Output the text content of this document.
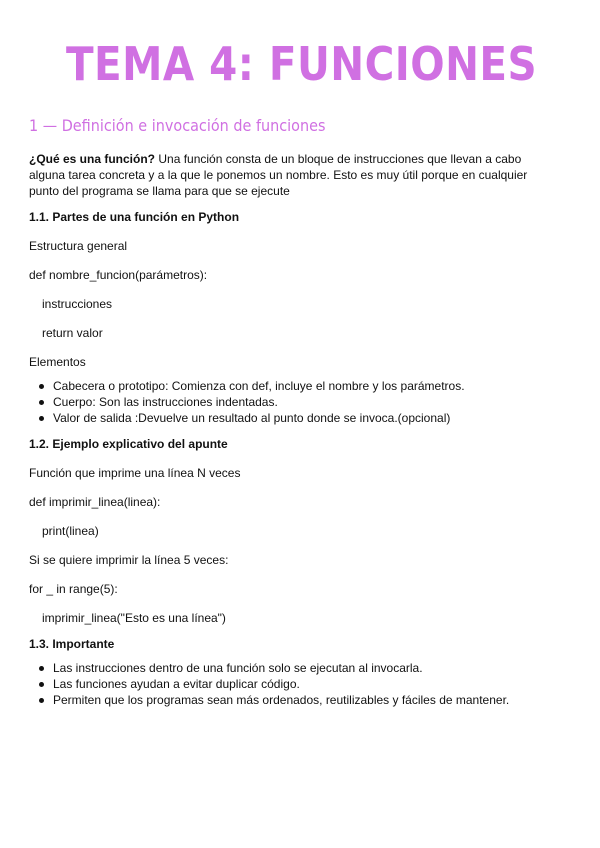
TEMA 4: FUNCIONES
1 — Definición e invocación de funciones

¿Qué es una función? Una función consta de un bloque de instrucciones que llevan a cabo alguna tarea concreta y a la que le ponemos un nombre. Esto es muy útil porque en cualquier punto del programa se llama para que se ejecute

1.1. Partes de una función en Python

Estructura general

def nombre_funcion(parámetros):

instrucciones

return valor

Elementos

Cabecera o prototipo: Comienza con def, incluye el nombre y los parámetros.
Cuerpo: Son las instrucciones indentadas.
Valor de salida :Devuelve un resultado al punto donde se invoca.(opcional)

1.2. Ejemplo explicativo del apunte

Función que imprime una línea N veces

def imprimir_linea(linea):

print(linea)

Si se quiere imprimir la línea 5 veces:

for _ in range(5):

imprimir_linea("Esto es una línea")

1.3. Importante

Las instrucciones dentro de una función solo se ejecutan al invocarla.
Las funciones ayudan a evitar duplicar código.
Permiten que los programas sean más ordenados, reutilizables y fáciles de mantener.
